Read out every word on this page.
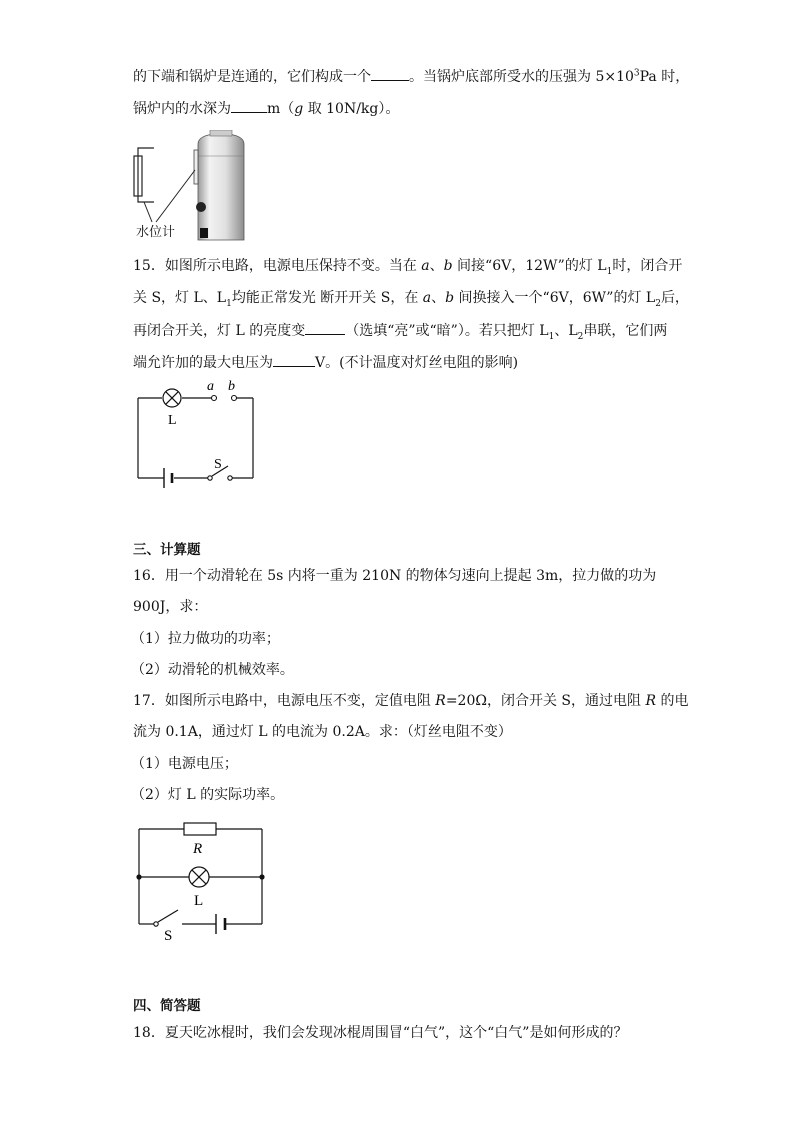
的下端和锅炉是连通的，它们构成一个	。当锅炉底部所受水的压强为 $5\times 10^3Pa$ 时，
锅炉内的水深为	m（g 取 10N/kg）。
水位计
15．如图所示电路，电源电压保持不变。当在 a、b 间接“6V，12W”的灯 $L_1$时，闭合开
关 S，灯 L、$L_1$均能正常发光 断开开关 S，在 a、b 间换接入一个“6V，6W”的灯 $L_2$后，
再闭合开关，灯 L 的亮度变	（选填“亮”或“暗”）。若只把灯 $L_1$、$L_2$串联，它们两
端允许加的最大电压为	V。(不计温度对灯丝电阻的影响)
a b
L
S
三、计算题
16．用一个动滑轮在 5s 内将一重为 210N 的物体匀速向上提起 3m，拉力做的功为
900J，求：
（1）拉力做功的功率；
（2）动滑轮的机械效率。
17．如图所示电路中，电源电压不变，定值电阻 R=20Ω，闭合开关 S，通过电阻 R 的电
流为 0.1A，通过灯 L 的电流为 0.2A。求：（灯丝电阻不变）
（1）电源电压；
（2）灯 L 的实际功率。
R
L
S
四、简答题
18．夏天吃冰棍时，我们会发现冰棍周围冒“白气”，这个“白气”是如何形成的？
